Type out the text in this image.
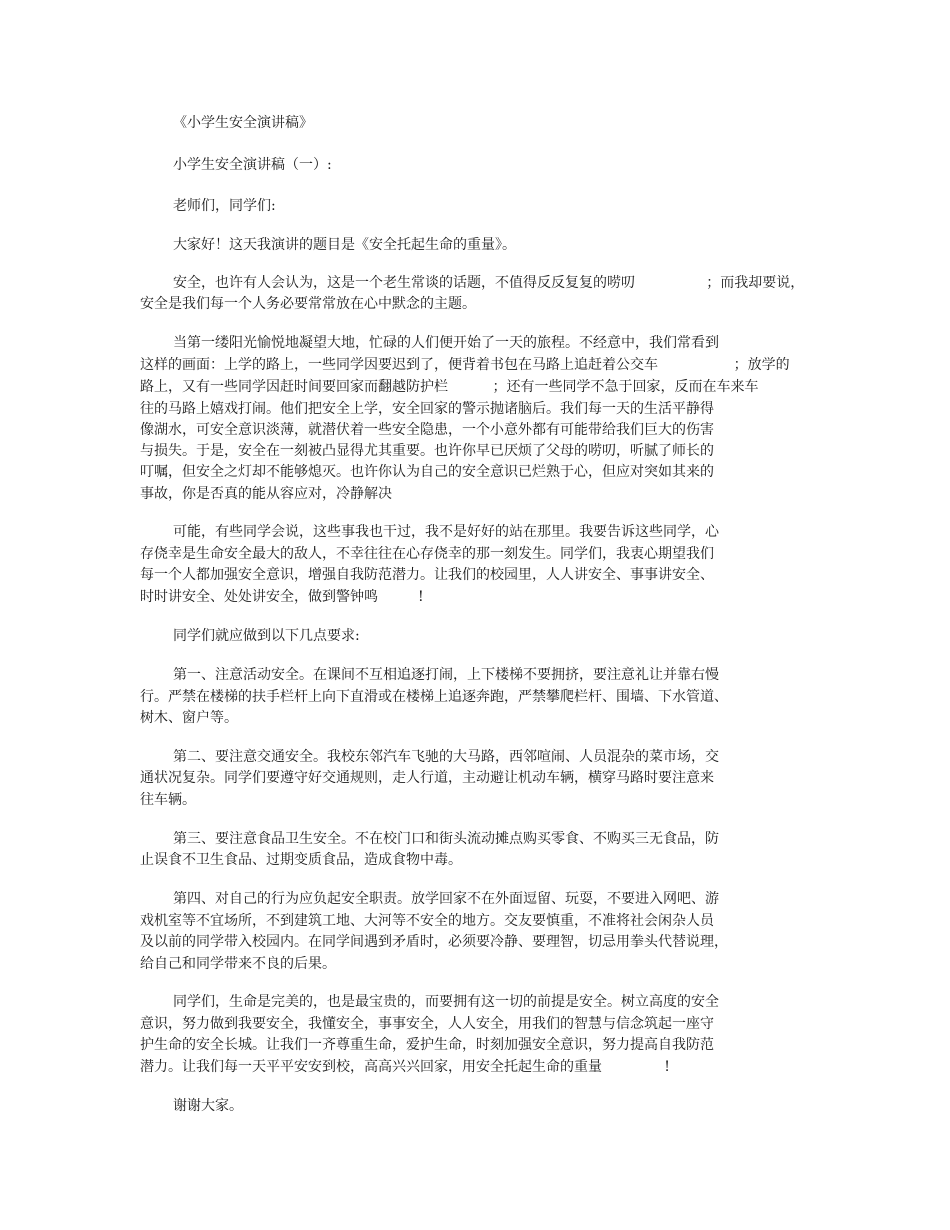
《小学生安全演讲稿》
小学生安全演讲稿（一）:
老师们，同学们:
大家好！这天我演讲的题目是《安全托起生命的重量》。
安全，也许有人会认为，这是一个老生常谈的话题，不值得反反复复的唠叨                ；而我却要说，
安全是我们每一个人务必要常常放在心中默念的主题。
当第一缕阳光愉悦地凝望大地，忙碌的人们便开始了一天的旅程。不经意中，我们常看到
这样的画面：上学的路上，一些同学因要迟到了，便背着书包在马路上追赶着公交车                 ；放学的
路上，又有一些同学因赶时间要回家而翻越防护栏          ；还有一些同学不急于回家，反而在车来车
往的马路上嬉戏打闹。他们把安全上学，安全回家的警示抛诸脑后。我们每一天的生活平静得
像湖水，可安全意识淡薄，就潜伏着一些安全隐患，一个小意外都有可能带给我们巨大的伤害
与损失。于是，安全在一刻被凸显得尤其重要。也许你早已厌烦了父母的唠叨，听腻了师长的
叮嘱，但安全之灯却不能够熄灭。也许你认为自己的安全意识已烂熟于心，但应对突如其来的
事故，你是否真的能从容应对，冷静解决
可能，有些同学会说，这些事我也干过，我不是好好的站在那里。我要告诉这些同学，心
存侥幸是生命安全最大的敌人，不幸往往在心存侥幸的那一刻发生。同学们，我衷心期望我们
每一个人都加强安全意识，增强自我防范潜力。让我们的校园里，人人讲安全、事事讲安全、
时时讲安全、处处讲安全，做到警钟鸣         !
同学们就应做到以下几点要求:
第一、注意活动安全。在课间不互相追逐打闹，上下楼梯不要拥挤，要注意礼让并靠右慢
行。严禁在楼梯的扶手栏杆上向下直滑或在楼梯上追逐奔跑，严禁攀爬栏杆、围墙、下水管道、
树木、窗户等。
第二、要注意交通安全。我校东邻汽车飞驰的大马路，西邻喧闹、人员混杂的菜市场，交
通状况复杂。同学们要遵守好交通规则，走人行道，主动避让机动车辆，横穿马路时要注意来
往车辆。
第三、要注意食品卫生安全。不在校门口和街头流动摊点购买零食、不购买三无食品，防
止误食不卫生食品、过期变质食品，造成食物中毒。
第四、对自己的行为应负起安全职责。放学回家不在外面逗留、玩耍，不要进入网吧、游
戏机室等不宜场所，不到建筑工地、大河等不安全的地方。交友要慎重，不准将社会闲杂人员
及以前的同学带入校园内。在同学间遇到矛盾时，必须要冷静、要理智，切忌用拳头代替说理，
给自己和同学带来不良的后果。
同学们，生命是完美的，也是最宝贵的，而要拥有这一切的前提是安全。树立高度的安全
意识，努力做到我要安全，我懂安全，事事安全，人人安全，用我们的智慧与信念筑起一座守
护生命的安全长城。让我们一齐尊重生命，爱护生命，时刻加强安全意识，努力提高自我防范
潜力。让我们每一天平平安安到校，高高兴兴回家，用安全托起生命的重量              !
谢谢大家。
